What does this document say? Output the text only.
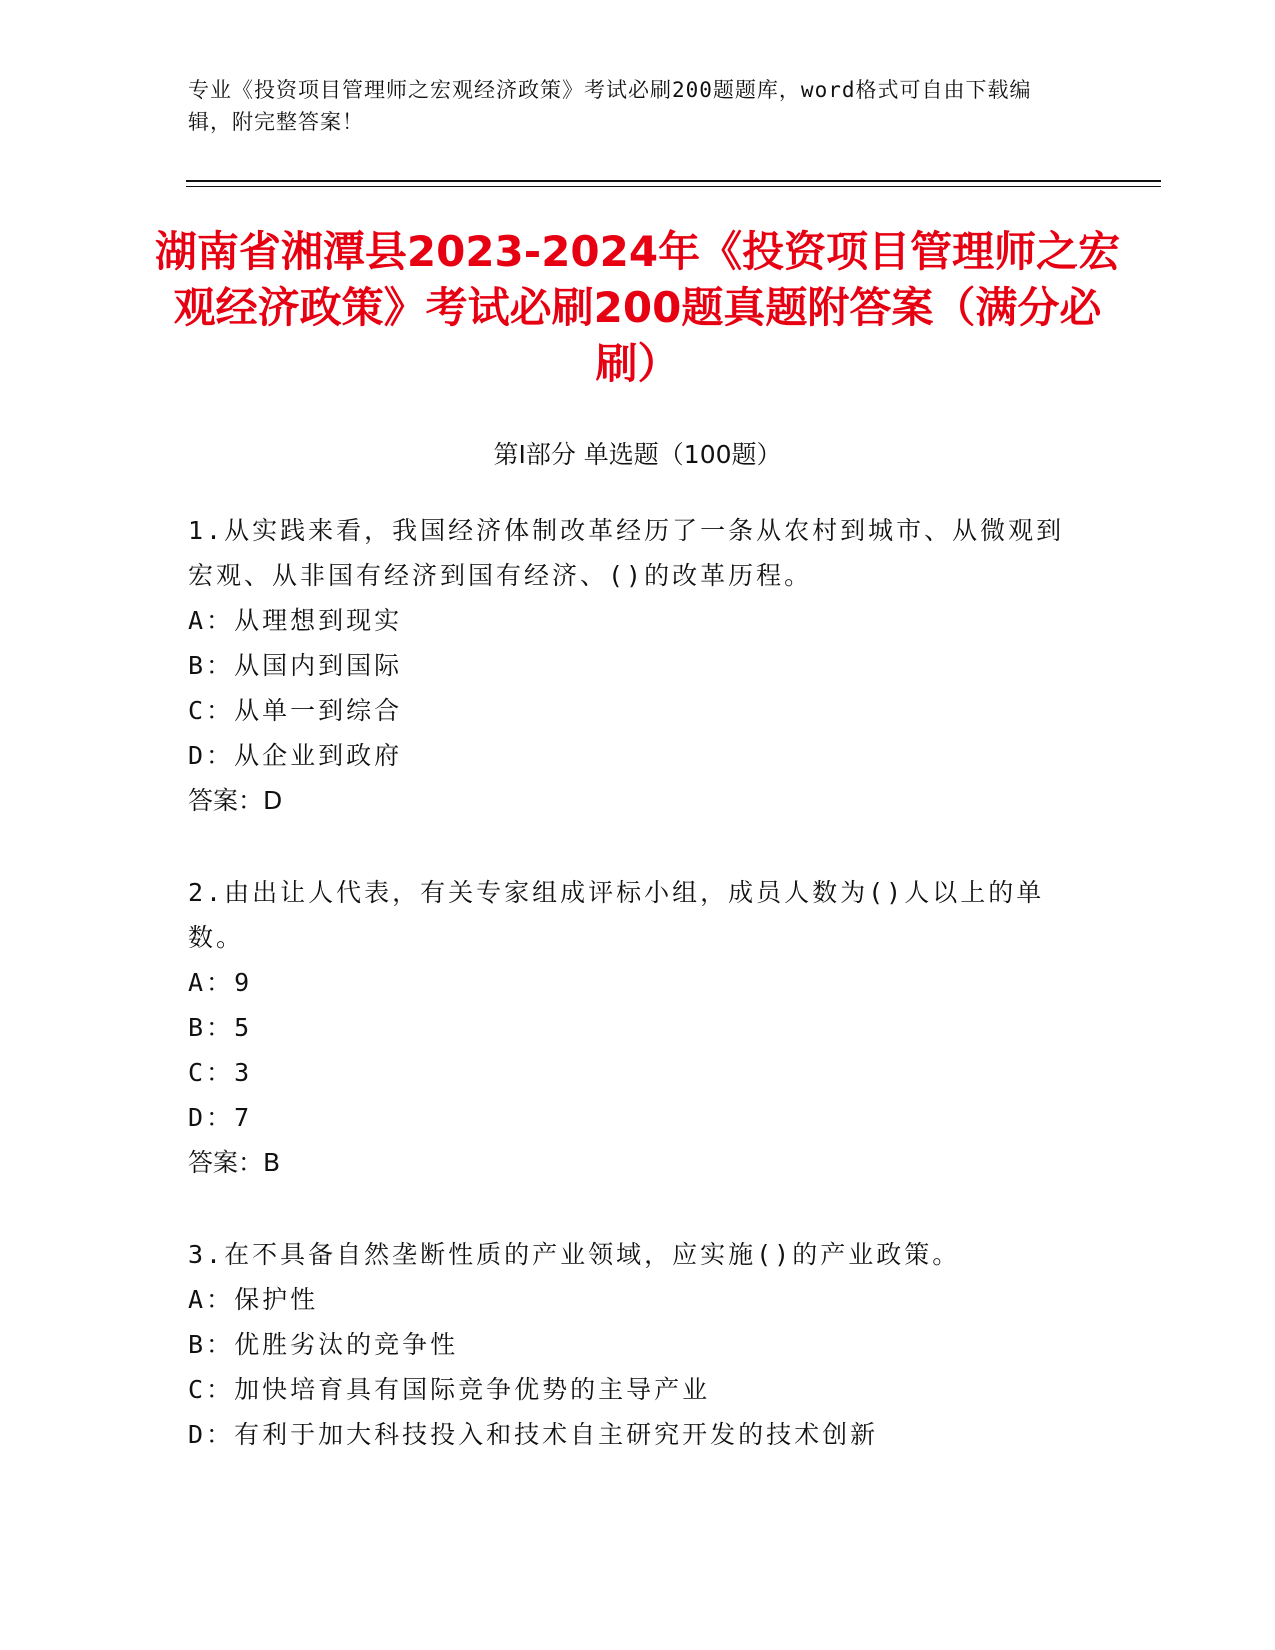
专业《投资项目管理师之宏观经济政策》考试必刷200题题库，word格式可自由下载编辑，附完整答案！
湖南省湘潭县2023-2024年《投资项目管理师之宏观经济政策》考试必刷200题真题附答案（满分必刷）
第Ⅰ部分 单选题（100题）

1.从实践来看，我国经济体制改革经历了一条从农村到城市、从微观到宏观、从非国有经济到国有经济、()的改革历程。

A：从理想到现实

B：从国内到国际

C：从单一到综合

D：从企业到政府

答案：D

2.由出让人代表，有关专家组成评标小组，成员人数为()人以上的单数。

A：9

B：5

C：3

D：7

答案：B

3.在不具备自然垄断性质的产业领域，应实施()的产业政策。

A：保护性

B：优胜劣汰的竞争性

C：加快培育具有国际竞争优势的主导产业

D：有利于加大科技投入和技术自主研究开发的技术创新
